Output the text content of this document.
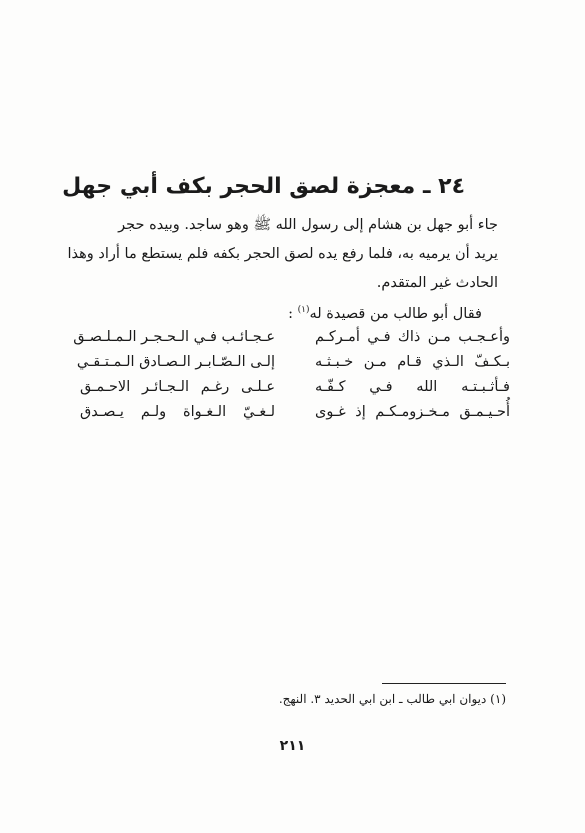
٢٤ ـ معجزة لصق الحجر بكف أبي جهل
جاء أبو جهل بن هشام إلى رسول الله ﷺ وهو ساجد. وبيده حجر
يريد أن يرميه به، فلما رفع يده لصق الحجر بكفه فلم يستطع ما أراد وهذا
الحادث غير المتقدم.
فقال أبو طالب من قصيدة له$^{(١)}$ :
وأعـجـب مـن ذاك فـي أمـركـم
عـجـائـب فـي الـحـجـر الـمـلـصـق
بـكـفّ الـذي قـام مـن خـبـثـه
إلـى الـصّـابـر الـصـادق الـمـتـقـي
فـأثـبـتـه الله فـي كـفّـه
عـلـى رغـم الـجـائـر الاحـمـق
أُحـيـمـق مـخـزومـكـم إذ غـوى
لـغـيّ الـغـواة ولـم يـصـدق
(١) ديوان ابي طالب ـ ابن ابي الحديد ٣. النهج.
٢١١
